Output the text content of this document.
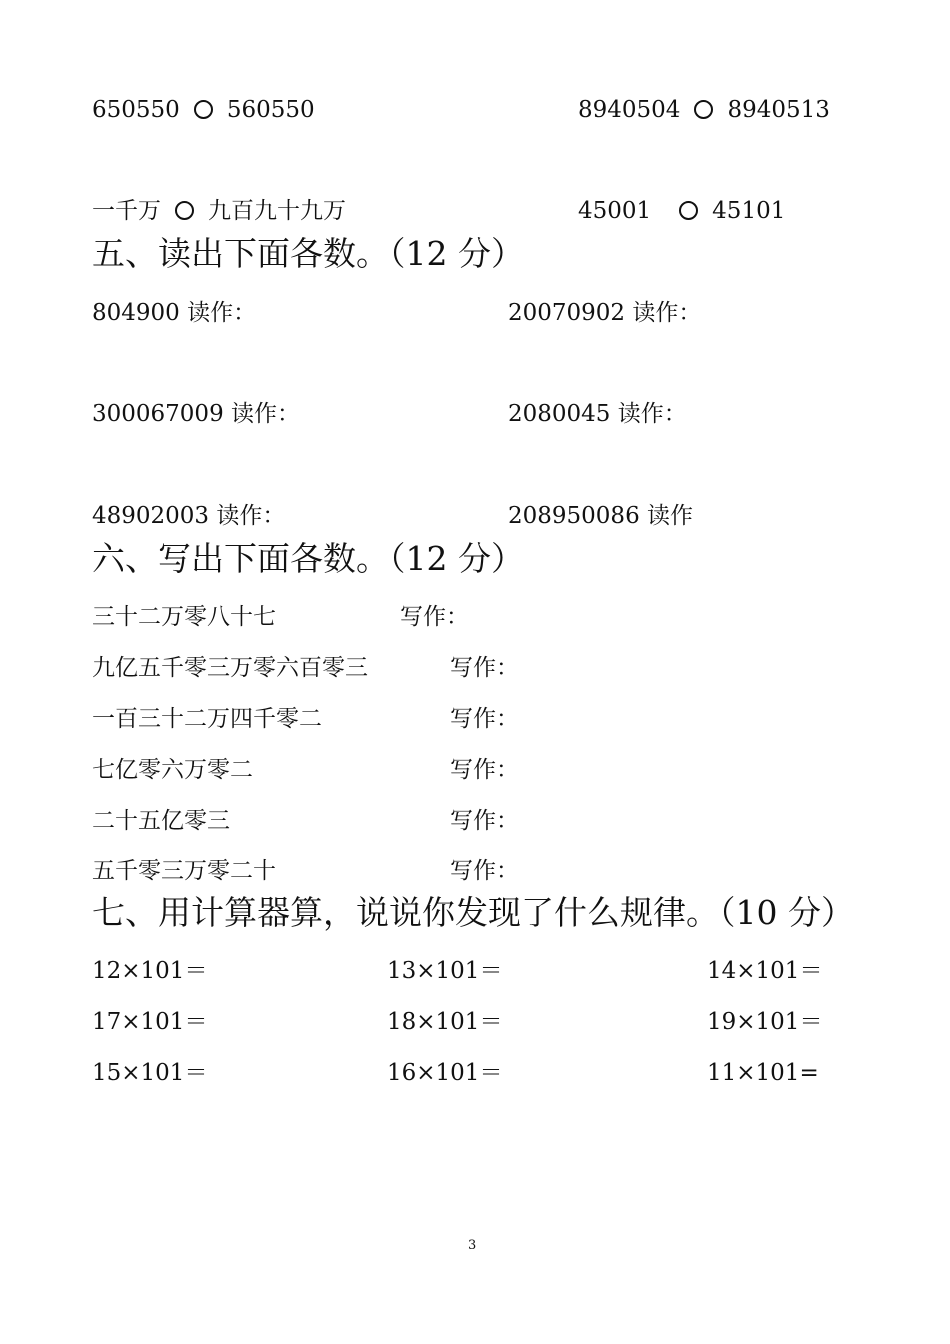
650550 560550	8940504 8940513
一千万 九百九十九万	45001	45101
五、读出下面各数。（12 分）
804900 读作：	20070902 读作：
300067009 读作：	2080045 读作：
48902003 读作：	208950086 读作
六、写出下面各数。（12 分）
三十二万零八十七	写作：
九亿五千零三万零六百零三	写作：
一百三十二万四千零二	写作：
七亿零六万零二	写作：
二十五亿零三	写作：
五千零三万零二十	写作：
七、用计算器算，说说你发现了什么规律。（10 分）
12×101＝	13×101＝	14×101＝
17×101＝	18×101＝	19×101＝
15×101＝	16×101＝	11×101=
3
